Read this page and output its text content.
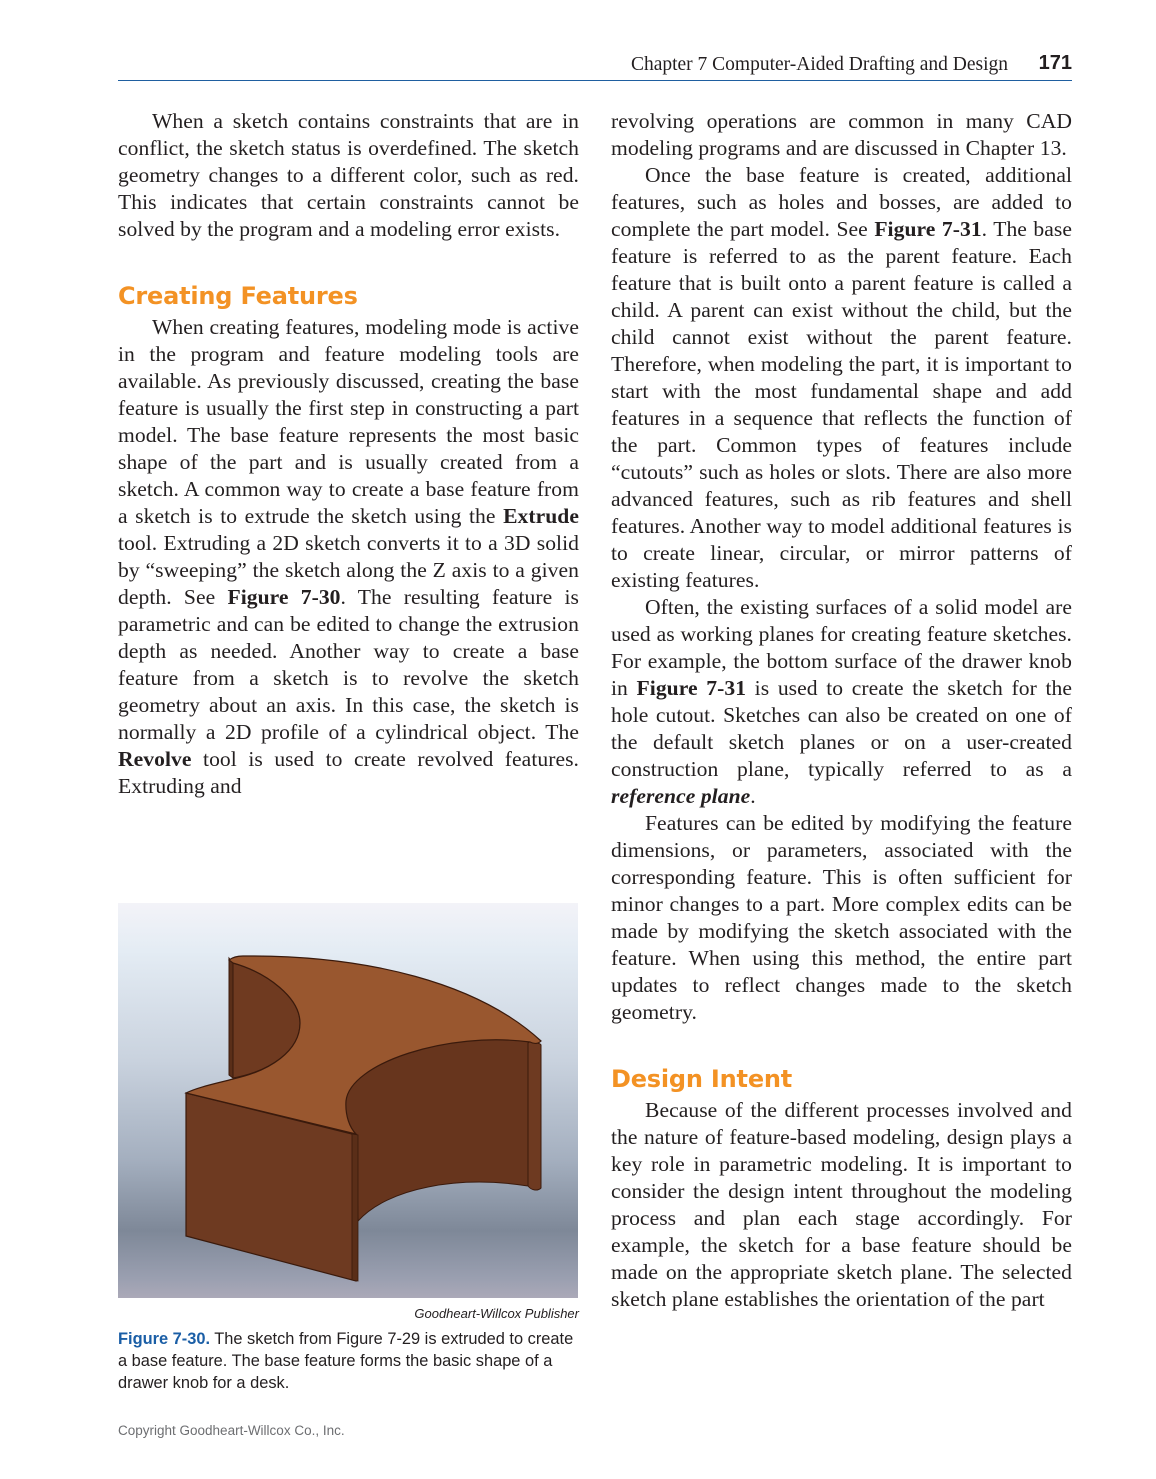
Chapter 7 Computer-Aided Drafting and Design 171

When a sketch contains constraints that are in conflict, the sketch status is overdefined. The sketch geometry changes to a different color, such as red. This indicates that certain constraints cannot be solved by the program and a modeling error exists.

Creating Features

When creating features, modeling mode is active in the program and feature modeling tools are available. As previously discussed, creating the base feature is usually the first step in constructing a part model. The base feature represents the most basic shape of the part and is usually created from a sketch. A common way to create a base feature from a sketch is to extrude the sketch using the Extrude tool. Extruding a 2D sketch converts it to a 3D solid by “sweeping” the sketch along the Z axis to a given depth. See Figure 7-30. The resulting feature is parametric and can be edited to change the extrusion depth as needed. Another way to create a base feature from a sketch is to revolve the sketch geometry about an axis. In this case, the sketch is normally a 2D profile of a cylindrical object. The Revolve tool is used to create revolved features. Extruding and

Goodheart-Willcox Publisher
Figure 7-30. The sketch from Figure 7-29 is extruded to create a base feature. The base feature forms the basic shape of a drawer knob for a desk.

revolving operations are common in many CAD modeling programs and are discussed in Chapter 13.

Once the base feature is created, additional features, such as holes and bosses, are added to complete the part model. See Figure 7-31. The base feature is referred to as the parent feature. Each feature that is built onto a parent feature is called a child. A parent can exist without the child, but the child cannot exist without the parent feature. Therefore, when modeling the part, it is important to start with the most fundamental shape and add features in a sequence that reflects the function of the part. Common types of features include “cutouts” such as holes or slots. There are also more advanced features, such as rib features and shell features. Another way to model additional features is to create linear, circular, or mirror patterns of existing features.

Often, the existing surfaces of a solid model are used as working planes for creating feature sketches. For example, the bottom surface of the drawer knob in Figure 7-31 is used to create the sketch for the hole cutout. Sketches can also be created on one of the default sketch planes or on a user-created construction plane, typically referred to as a reference plane.

Features can be edited by modifying the feature dimensions, or parameters, associated with the corresponding feature. This is often sufficient for minor changes to a part. More complex edits can be made by modifying the sketch associated with the feature. When using this method, the entire part updates to reflect changes made to the sketch geometry.

Design Intent

Because of the different processes involved and the nature of feature-based modeling, design plays a key role in parametric modeling. It is important to consider the design intent throughout the modeling process and plan each stage accordingly. For example, the sketch for a base feature should be made on the appropriate sketch plane. The selected sketch plane establishes the orientation of the part

Copyright Goodheart-Willcox Co., Inc.
